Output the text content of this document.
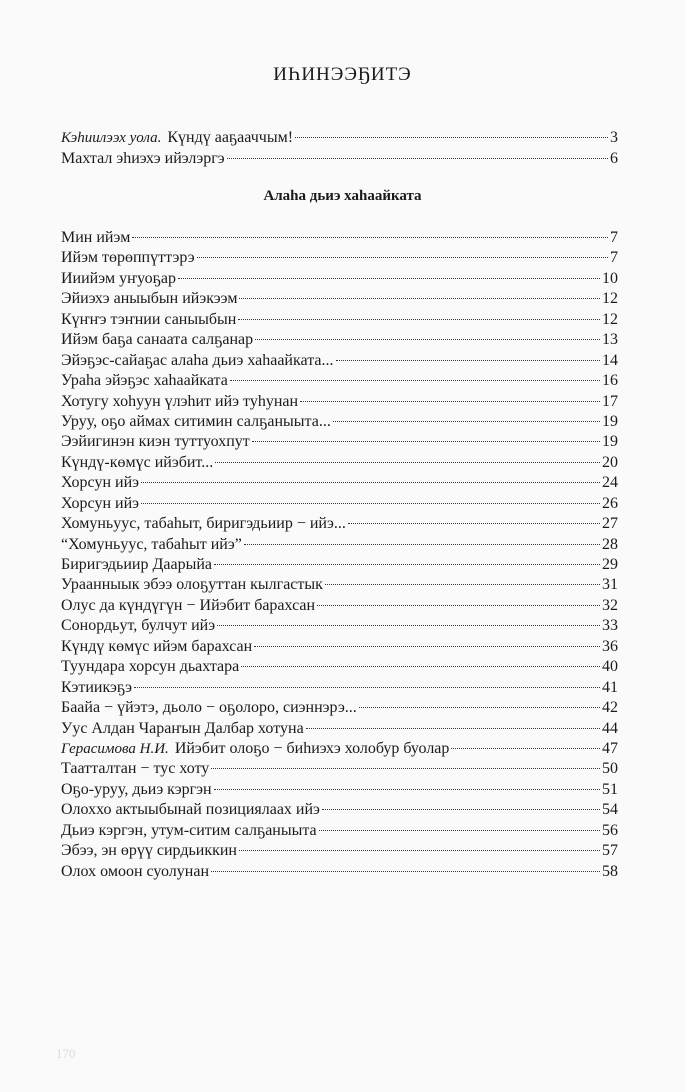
ИҺИНЭЭҔИТЭ
Кэһиилээх уола. Күндү ааҕааччым!	3
Махтал эһиэхэ ийэлэргэ	6
Алаһа дьиэ хаһаайката
Мин ийэм	7
Ийэм төрөппүттэрэ	7
Ииийэм уҥуоҕар	10
Эйиэхэ аныыбын ийэкээм	12
Күҥҥэ тэҥнии саныыбын	12
Ийэм баҕа санаата салҕанар	13
Эйэҕэс-сайаҕас алаһа дьиэ хаһаайката...	14
Ураһа эйэҕэс хаһаайката	16
Хотугу хоһуун үлэһит ийэ туһунан	17
Уруу, оҕо аймах ситимин салҕаныыта...	19
Ээйигинэн киэн туттуохпут	19
Күндү-көмүс ийэбит...	20
Хорсун ийэ	24
Хорсун ийэ	26
Хомуньуус, табаһыт, биригэдьиир − ийэ...	27
“Хомуньуус, табаһыт ийэ”	28
Биригэдьиир Даарыйа	29
Ураанныык эбээ олоҕуттан кылгастык	31
Олус да күндүгүн − Ийэбит барахсан	32
Сонордьут, булчут ийэ	33
Күндү көмүс ийэм барахсан	36
Туундара хорсун дьахтара	40
Кэтиикэҕэ	41
Баайа − үйэтэ, дьоло − оҕолоро, сиэннэрэ...	42
Уус Алдан Чараҥын Далбар хотуна	44
Герасимова Н.И. Ийэбит олоҕо − биһиэхэ холобур буолар	47
Таатталтан − тус хоту	50
Оҕо-уруу, дьиэ кэргэн	51
Олоххо актыыбынай позициялаах ийэ	54
Дьиэ кэргэн, утум-ситим салҕаныыта	56
Эбээ, эн өрүү сирдьиккин	57
Олох омоон суолунан	58
170
